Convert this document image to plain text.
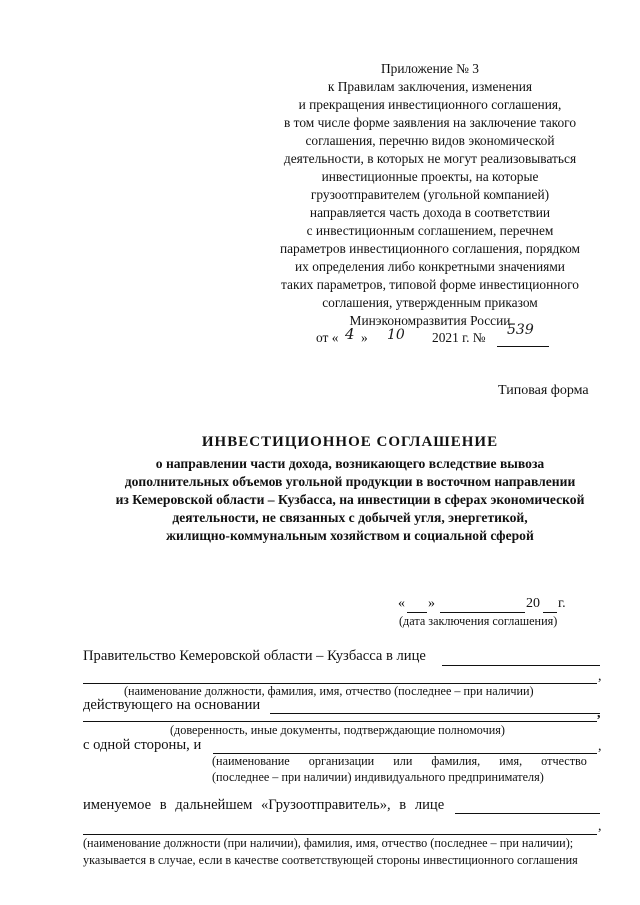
Приложение № 3
к Правилам заключения, изменения
и прекращения инвестиционного соглашения,
в том числе форме заявления на заключение такого
соглашения, перечню видов экономической
деятельности, в которых не могут реализовываться
инвестиционные проекты, на которые
грузоотправителем (угольной компанией)
направляется часть дохода в соответствии
с инвестиционным соглашением, перечнем
параметров инвестиционного соглашения, порядком
их определения либо конкретными значениями
таких параметров, типовой форме инвестиционного
соглашения, утвержденным приказом
Минэкономразвития России
от « 4 » 10 2021 г. № 539
Типовая форма
ИНВЕСТИЦИОННОЕ СОГЛАШЕНИЕ
о направлении части дохода, возникающего вследствие вывоза
дополнительных объемов угольной продукции в восточном направлении
из Кемеровской области – Кузбасса, на инвестиции в сферах экономической
деятельности, не связанных с добычей угля, энергетикой,
жилищно-коммунальным хозяйством и социальной сферой
« »	20 г.
(дата заключения соглашения)
Правительство Кемеровской области – Кузбасса в лице
,
(наименование должности, фамилия, имя, отчество (последнее – при наличии)
действующего на основании
,
(доверенность, иные документы, подтверждающие полномочия)
с одной стороны, и	,
(наименование организации или фамилия, имя, отчество
(последнее – при наличии) индивидуального предпринимателя)
именуемое в дальнейшем «Грузоотправитель», в лице
,
(наименование должности (при наличии), фамилия, имя, отчество (последнее – при наличии);
указывается в случае, если в качестве соответствующей стороны инвестиционного соглашения
